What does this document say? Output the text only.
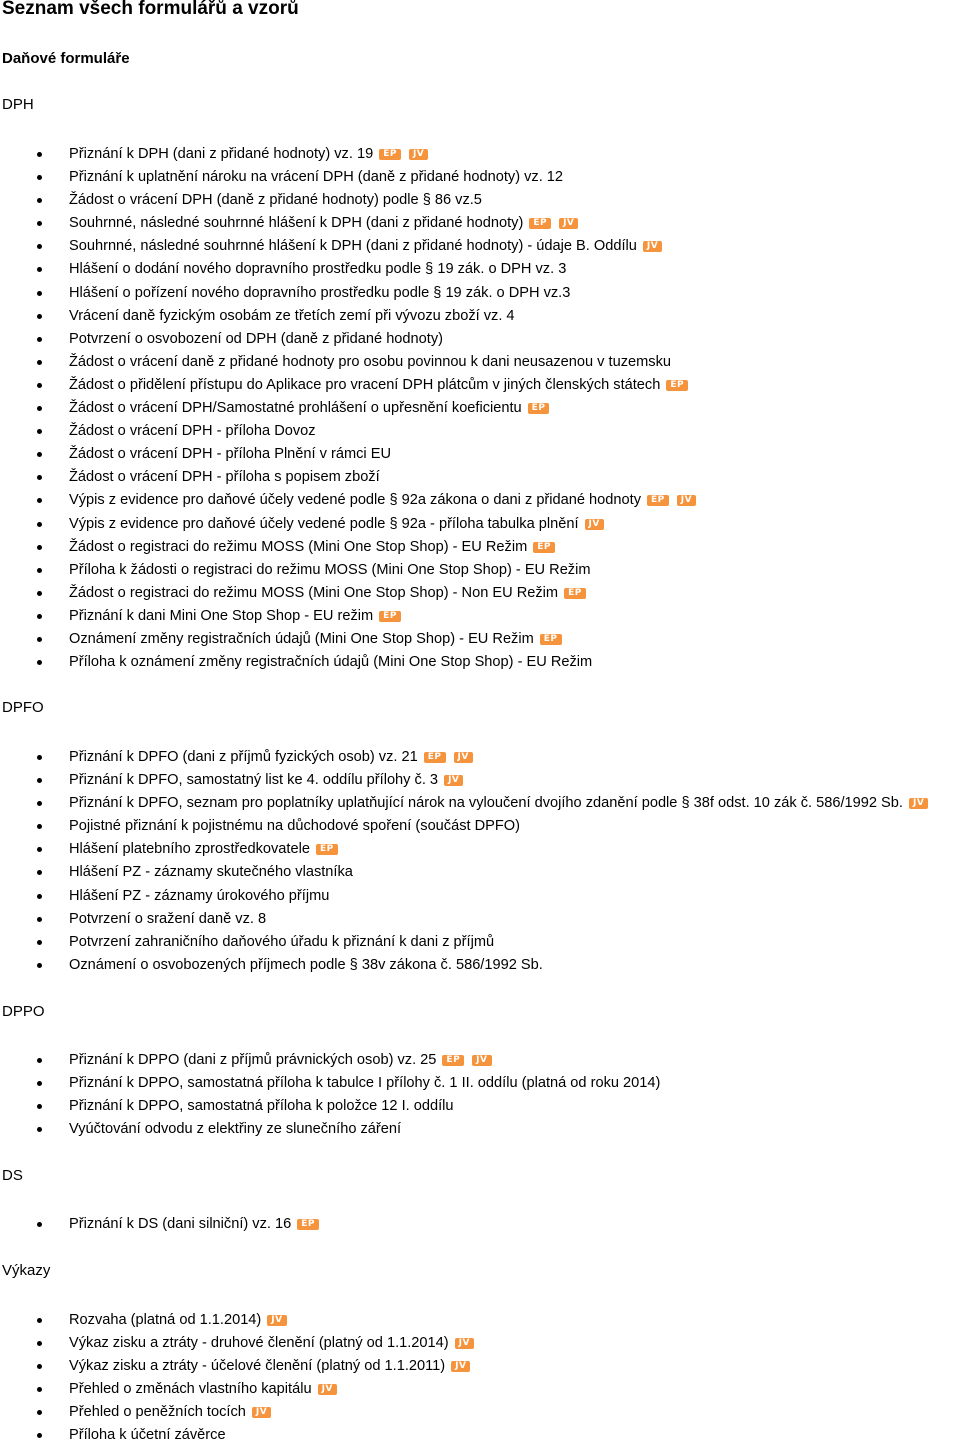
Seznam všech formulářů a vzorů
Daňové formuláře
DPH
Přiznání k DPH (dani z přidané hodnoty) vz. 19	EP	JV
Přiznání k uplatnění nároku na vrácení DPH (daně z přidané hodnoty) vz. 12
Žádost o vrácení DPH (daně z přidané hodnoty) podle § 86 vz.5
Souhrnné, následné souhrnné hlášení k DPH (dani z přidané hodnoty)	EP	JV
Souhrnné, následné souhrnné hlášení k DPH (dani z přidané hodnoty) - údaje B. Oddílu	JV
Hlášení o dodání nového dopravního prostředku podle § 19 zák. o DPH vz. 3
Hlášení o pořízení nového dopravního prostředku podle § 19 zák. o DPH vz.3
Vrácení daně fyzickým osobám ze třetích zemí při vývozu zboží vz. 4
Potvrzení o osvobození od DPH (daně z přidané hodnoty)
Žádost o vrácení daně z přidané hodnoty pro osobu povinnou k dani neusazenou v tuzemsku
Žádost o přidělení přístupu do Aplikace pro vracení DPH plátcům v jiných členských státech	EP
Žádost o vrácení DPH/Samostatné prohlášení o upřesnění koeficientu	EP
Žádost o vrácení DPH - příloha Dovoz
Žádost o vrácení DPH - příloha Plnění v rámci EU
Žádost o vrácení DPH - příloha s popisem zboží
Výpis z evidence pro daňové účely vedené podle § 92a zákona o dani z přidané hodnoty	EP	JV
Výpis z evidence pro daňové účely vedené podle § 92a - příloha tabulka plnění	JV
Žádost o registraci do režimu MOSS (Mini One Stop Shop) - EU Režim	EP
Příloha k žádosti o registraci do režimu MOSS (Mini One Stop Shop) - EU Režim
Žádost o registraci do režimu MOSS (Mini One Stop Shop) - Non EU Režim	EP
Přiznání k dani Mini One Stop Shop - EU režim	EP
Oznámení změny registračních údajů (Mini One Stop Shop) - EU Režim	EP
Příloha k oznámení změny registračních údajů (Mini One Stop Shop) - EU Režim
DPFO
Přiznání k DPFO (dani z příjmů fyzických osob) vz. 21	EP	JV
Přiznání k DPFO, samostatný list ke 4. oddílu přílohy č. 3	JV
Přiznání k DPFO, seznam pro poplatníky uplatňující nárok na vyloučení dvojího zdanění podle § 38f odst. 10 zák č. 586/1992 Sb.	JV
Pojistné přiznání k pojistnému na důchodové spoření (součást DPFO)
Hlášení platebního zprostředkovatele	EP
Hlášení PZ - záznamy skutečného vlastníka
Hlášení PZ - záznamy úrokového příjmu
Potvrzení o sražení daně vz. 8
Potvrzení zahraničního daňového úřadu k přiznání k dani z příjmů
Oznámení o osvobozených příjmech podle § 38v zákona č. 586/1992 Sb.
DPPO
Přiznání k DPPO (dani z příjmů právnických osob) vz. 25	EP	JV
Přiznání k DPPO, samostatná příloha k tabulce I přílohy č. 1 II. oddílu (platná od roku 2014)
Přiznání k DPPO, samostatná příloha k položce 12 I. oddílu
Vyúčtování odvodu z elektřiny ze slunečního záření
DS
Přiznání k DS (dani silniční) vz. 16	EP
Výkazy
Rozvaha (platná od 1.1.2014)	JV
Výkaz zisku a ztráty - druhové členění (platný od 1.1.2014)	JV
Výkaz zisku a ztráty - účelové členění (platný od 1.1.2011)	JV
Přehled o změnách vlastního kapitálu	JV
Přehled o peněžních tocích	JV
Příloha k účetní závěrce
